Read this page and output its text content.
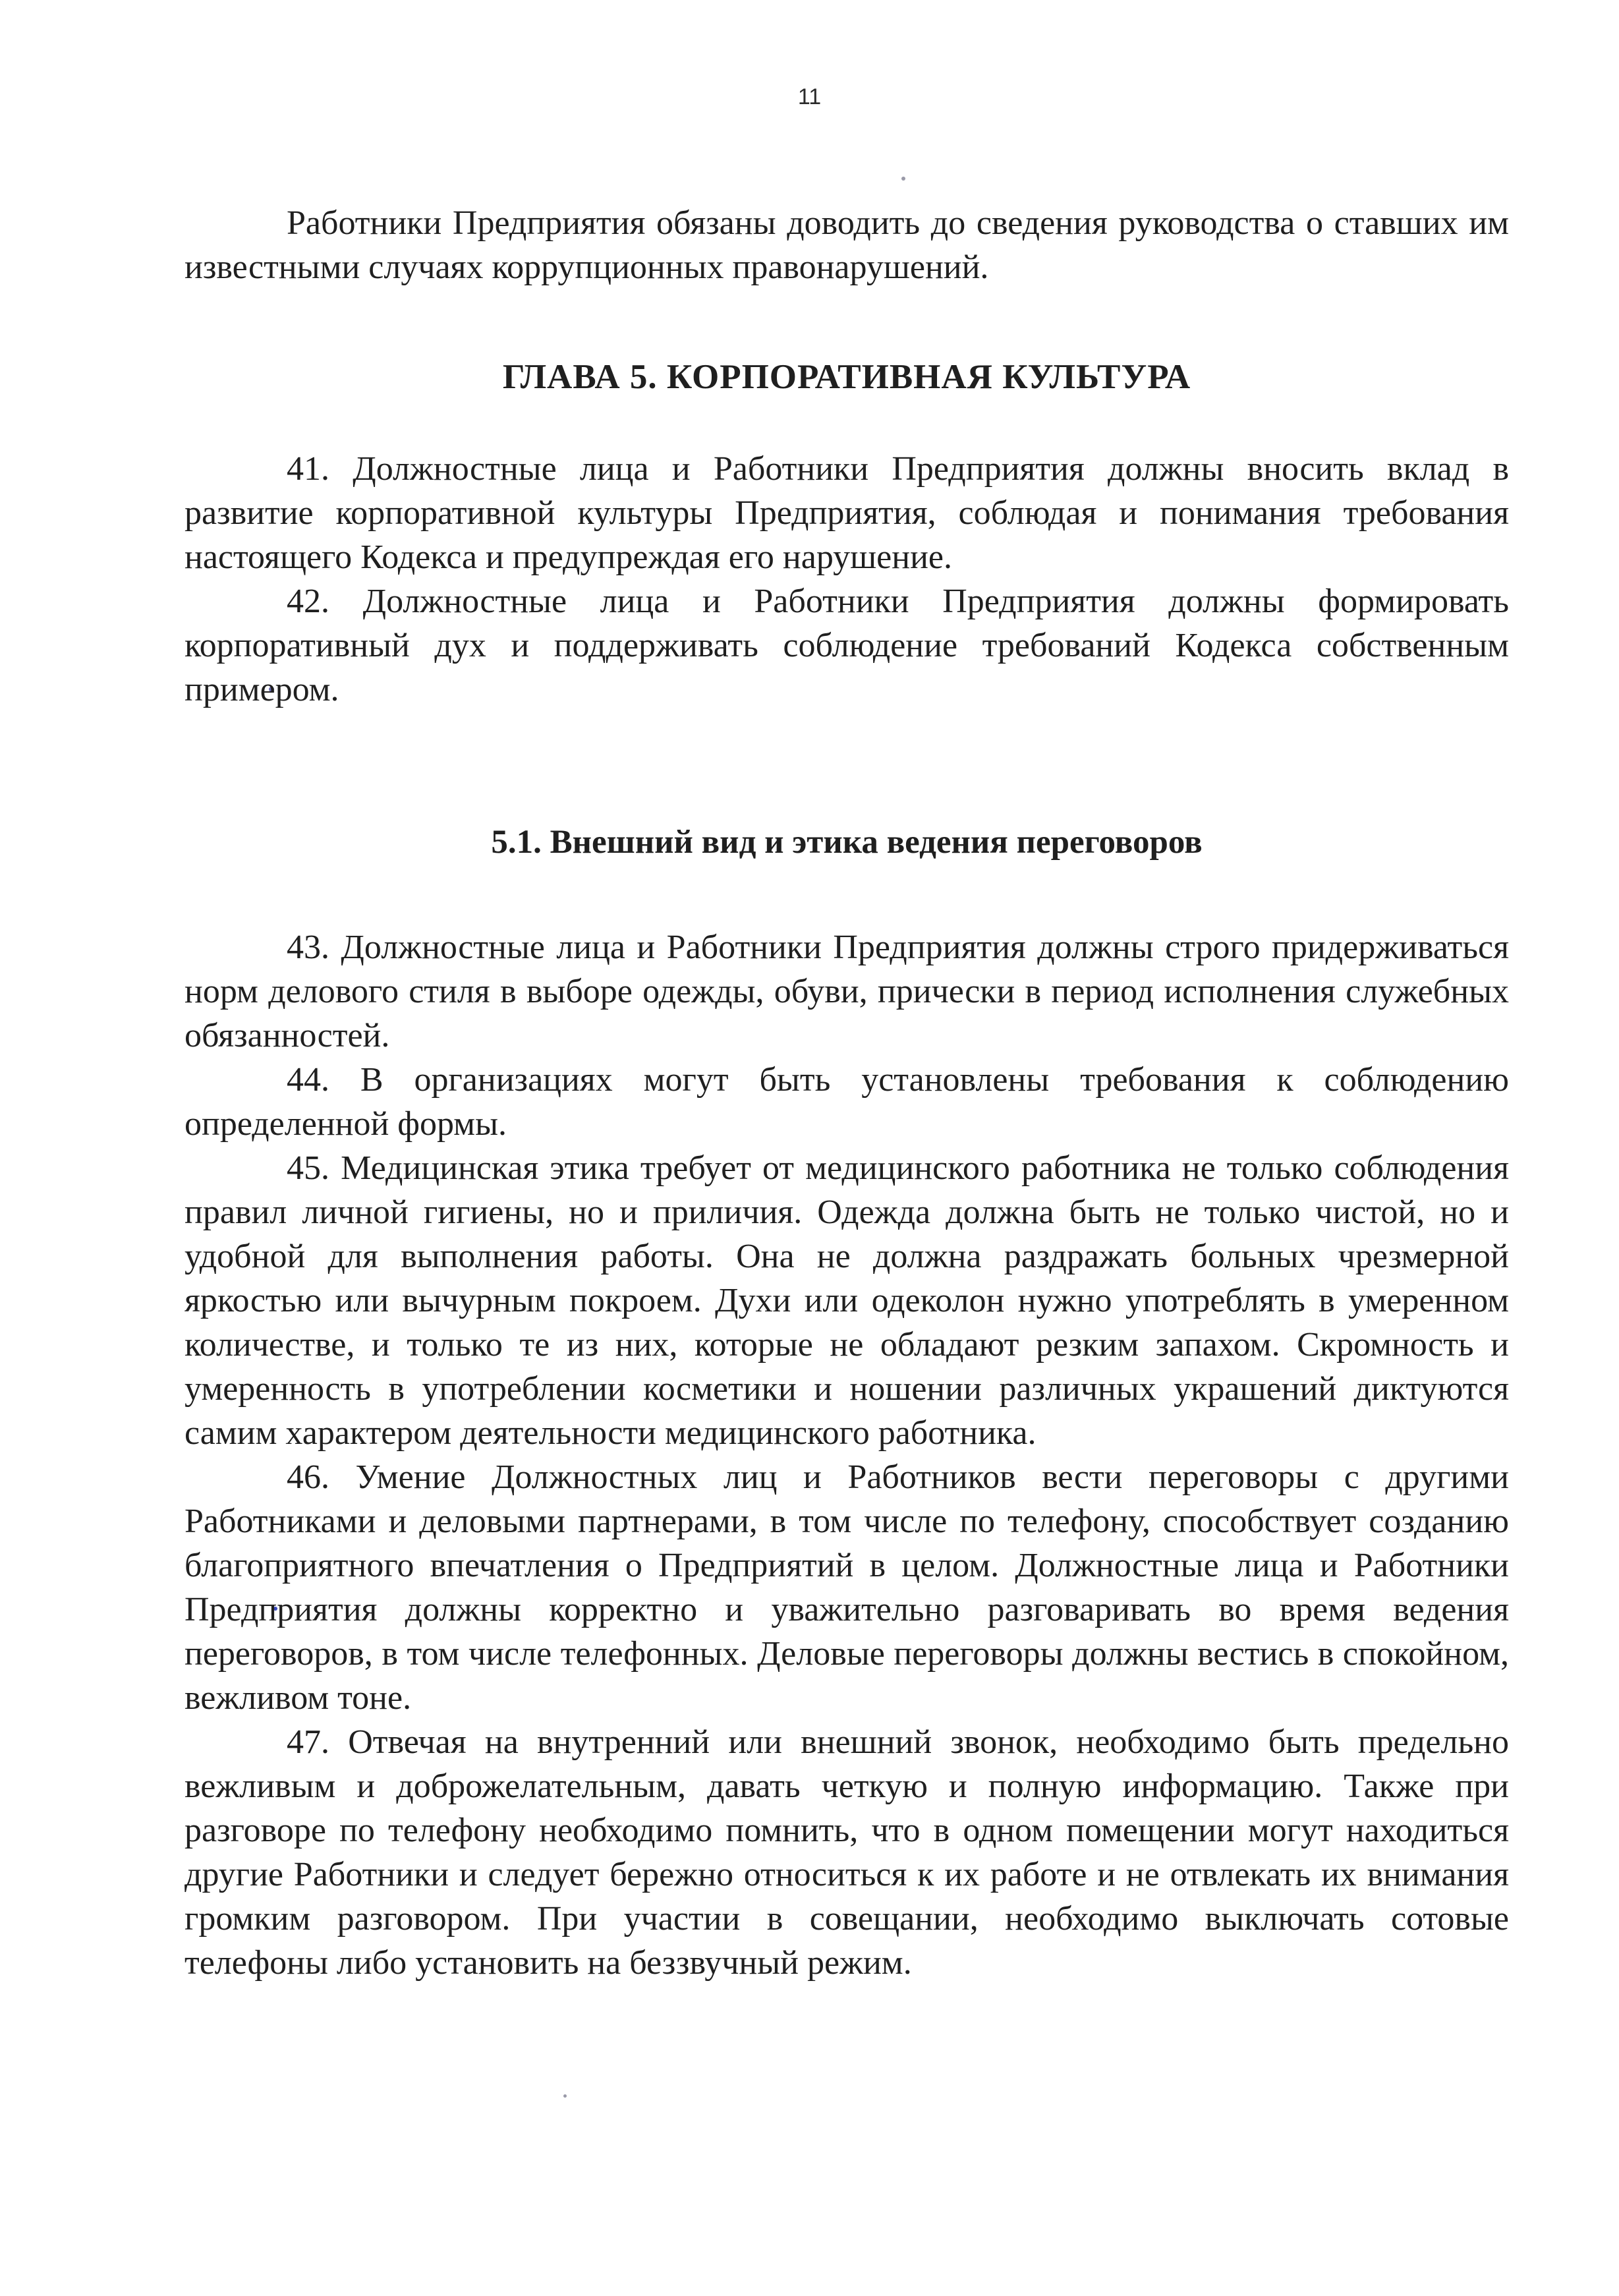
11

Работники Предприятия обязаны доводить до сведения руководства о ставших им известными случаях коррупционных правонарушений.

ГЛАВА 5. КОРПОРАТИВНАЯ КУЛЬТУРА

41. Должностные лица и Работники Предприятия должны вносить вклад в развитие корпоративной культуры Предприятия, соблюдая и понимания требования настоящего Кодекса и предупреждая его нарушение.

42. Должностные лица и Работники Предприятия должны формировать корпоративный дух и поддерживать соблюдение требований Кодекса собственным примером.

5.1. Внешний вид и этика ведения переговоров

43. Должностные лица и Работники Предприятия должны строго придерживаться норм делового стиля в выборе одежды, обуви, прически в период исполнения служебных обязанностей.

44. В организациях могут быть установлены требования к соблюдению определенной формы.

45. Медицинская этика требует от медицинского работника не только соблюдения правил личной гигиены, но и приличия. Одежда должна быть не только чистой, но и удобной для выполнения работы. Она не должна раздражать больных чрезмерной яркостью или вычурным покроем. Духи или одеколон нужно употреблять в умеренном количестве, и только те из них, которые не обладают резким запахом. Скромность и умеренность в употреблении косметики и ношении различных украшений диктуются самим характером деятельности медицинского работника.

46. Умение Должностных лиц и Работников вести переговоры с другими Работниками и деловыми партнерами, в том числе по телефону, способствует созданию благоприятного впечатления о Предприятий в целом. Должностные лица и Работники Предприятия должны корректно и уважительно разговаривать во время ведения переговоров, в том числе телефонных. Деловые переговоры должны вестись в спокойном, вежливом тоне.

47. Отвечая на внутренний или внешний звонок, необходимо быть предельно вежливым и доброжелательным, давать четкую и полную информацию. Также при разговоре по телефону необходимо помнить, что в одном помещении могут находиться другие Работники и следует бережно относиться к их работе и не отвлекать их внимания громким разговором. При участии в совещании, необходимо выключать сотовые телефоны либо установить на беззвучный режим.
